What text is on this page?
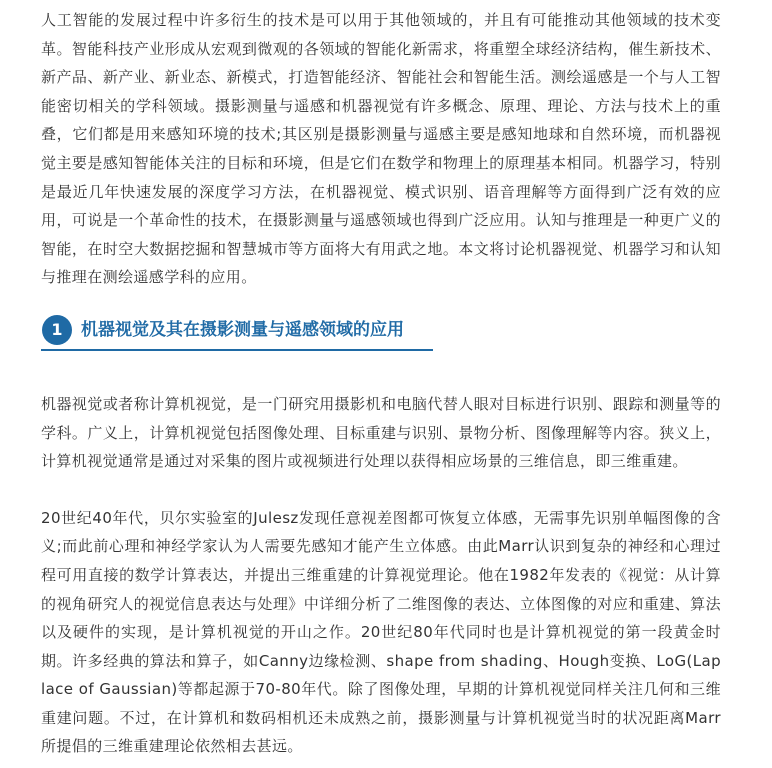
人工智能的发展过程中许多衍生的技术是可以用于其他领域的，并且有可能推动其他领域的技术变革。智能科技产业形成从宏观到微观的各领域的智能化新需求，将重塑全球经济结构，催生新技术、新产品、新产业、新业态、新模式，打造智能经济、智能社会和智能生活。测绘遥感是一个与人工智能密切相关的学科领域。摄影测量与遥感和机器视觉有许多概念、原理、理论、方法与技术上的重叠，它们都是用来感知环境的技术;其区别是摄影测量与遥感主要是感知地球和自然环境，而机器视觉主要是感知智能体关注的目标和环境，但是它们在数学和物理上的原理基本相同。机器学习，特别是最近几年快速发展的深度学习方法，在机器视觉、模式识别、语音理解等方面得到广泛有效的应用，可说是一个革命性的技术，在摄影测量与遥感领域也得到广泛应用。认知与推理是一种更广义的智能，在时空大数据挖掘和智慧城市等方面将大有用武之地。本文将讨论机器视觉、机器学习和认知与推理在测绘遥感学科的应用。

1	机器视觉及其在摄影测量与遥感领域的应用

机器视觉或者称计算机视觉，是一门研究用摄影机和电脑代替人眼对目标进行识别、跟踪和测量等的学科。广义上，计算机视觉包括图像处理、目标重建与识别、景物分析、图像理解等内容。狭义上，计算机视觉通常是通过对采集的图片或视频进行处理以获得相应场景的三维信息，即三维重建。

20世纪40年代，贝尔实验室的Julesz发现任意视差图都可恢复立体感，无需事先识别单幅图像的含义;而此前心理和神经学家认为人需要先感知才能产生立体感。由此Marr认识到复杂的神经和心理过程可用直接的数学计算表达，并提出三维重建的计算视觉理论。他在1982年发表的《视觉：从计算的视角研究人的视觉信息表达与处理》中详细分析了二维图像的表达、立体图像的对应和重建、算法以及硬件的实现，是计算机视觉的开山之作。20世纪80年代同时也是计算机视觉的第一段黄金时期。许多经典的算法和算子，如Canny边缘检测、shape from shading、Hough变换、LoG(Laplace of Gaussian)等都起源于70-80年代。除了图像处理，早期的计算机视觉同样关注几何和三维重建问题。不过，在计算机和数码相机还未成熟之前，摄影测量与计算机视觉当时的状况距离Marr所提倡的三维重建理论依然相去甚远。
